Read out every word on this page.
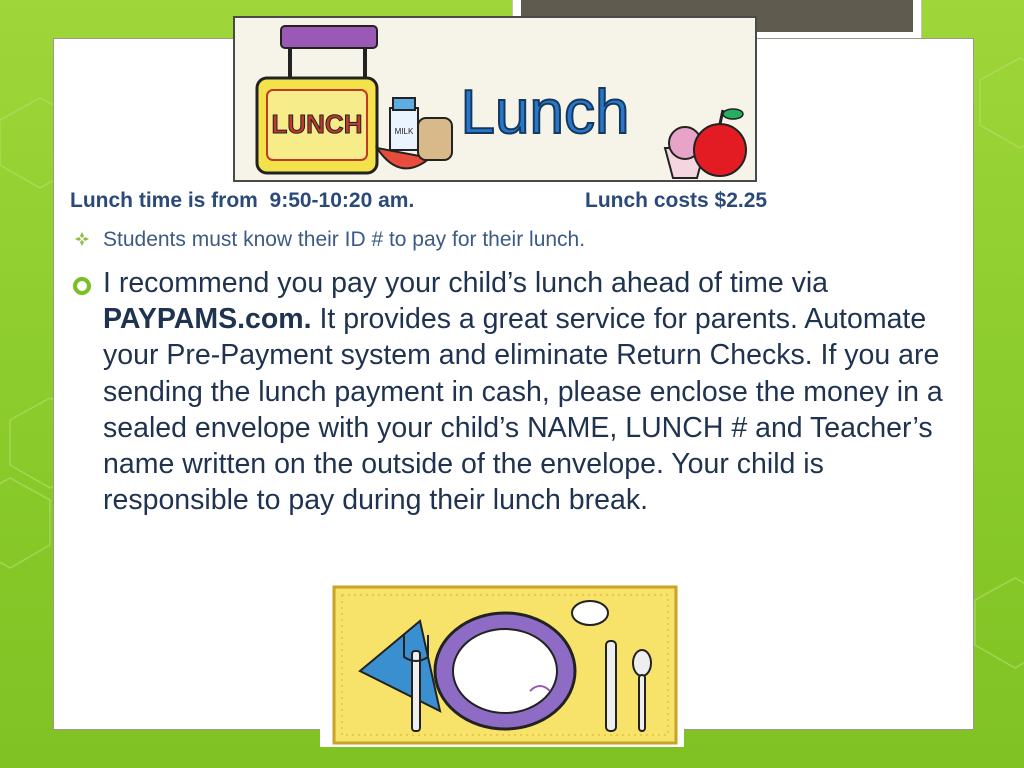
LUNCH	MILK Lunch
Lunch time is from  9:50-10:20 am.	Lunch costs $2.25
Students must know their ID # to pay for their lunch.
I recommend you pay your child’s lunch ahead of time via PAYPAMS.com. It provides a great service for parents. Automate your Pre-Payment system and eliminate Return Checks. If you are sending the lunch payment in cash, please enclose the money in a sealed envelope with your child’s NAME, LUNCH # and Teacher’s name written on the outside of the envelope. Your child is responsible to pay during their lunch break.
